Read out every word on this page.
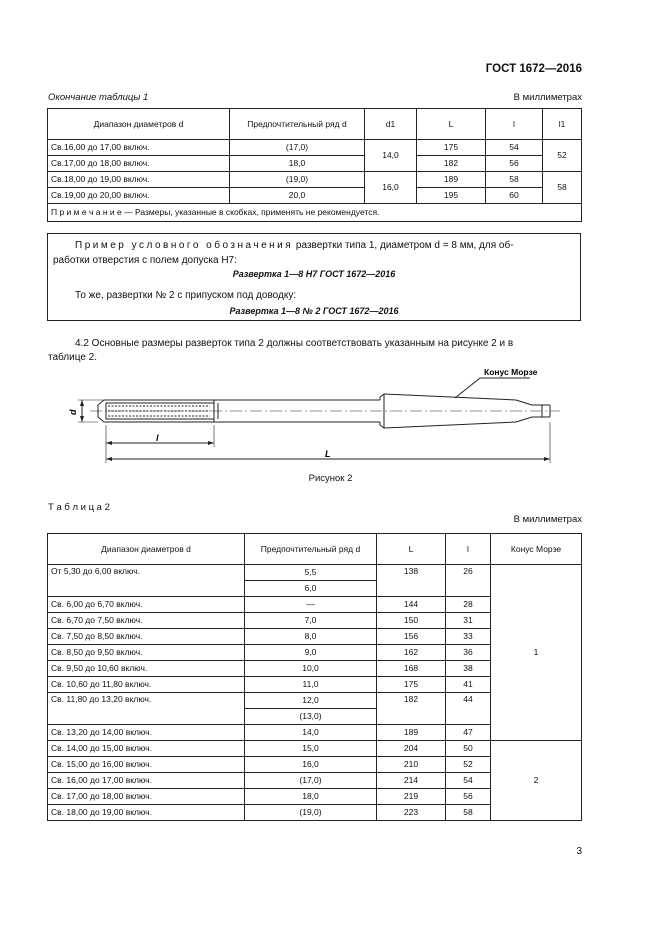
ГОСТ 1672—2016
Окончание таблицы 1	В миллиметрах
Диапазон диаметров d	Предпочтительный ряд d	d1	L	l	l1
Св.16,00 до 17,00 включ.	(17,0)	14,0	175	54	52
Св.17,00 до 18,00 включ.	18,0		182	56	
Св.18,00 до 19,00 включ.	(19,0)	16,0	189	58	58
Св.19,00 до 20,00 включ.	20,0		195	60	
П р и м е ч а н и е — Размеры, указанные в скобках, применять не рекомендуется.					
Пример условного обозначения развертки типа 1, диаметром d = 8 мм, для об-
работки отверстия с полем допуска Н7:
Развертка 1—8 Н7 ГОСТ 1672—2016
То же, развертки № 2 с припуском под доводку:
Развертка 1—8 № 2 ГОСТ 1672—2016
4.2 Основные размеры разверток типа 2 должны соответствовать указанным на рисунке 2 и в
таблице 2.
Конус Морзе
d
l
L
Рисунок 2
Т а б л и ц а 2
В миллиметрах
Диапазон диаметров d	Предпочтительный ряд d	L	l	Конус Морзе
От 5,30 до 6,00 включ.	5,5	138	26	1
	6,0			
Св. 6,00 до 6,70 включ.	—	144	28	
Св. 6,70 до 7,50 включ.	7,0	150	31	
Св. 7,50 до 8,50 включ.	8,0	156	33	
Св. 8,50 до 9,50 включ.	9,0	162	36	
Св. 9,50 до 10,60 включ.	10,0	168	38	
Св. 10,60 до 11,80 включ.	11,0	175	41	
Св. 11,80 до 13,20 включ.	12,0	182	44	
	(13,0)			
Св. 13,20 до 14,00 включ.	14,0	189	47	
Св. 14,00 до 15,00 включ.	15,0	204	50	2
Св. 15,00 до 16,00 включ.	16,0	210	52	
Св. 16,00 до 17,00 включ.	(17,0)	214	54	
Св. 17,00 до 18,00 включ.	18,0	219	56	
Св. 18,00 до 19,00 включ.	(19,0)	223	58	
3
